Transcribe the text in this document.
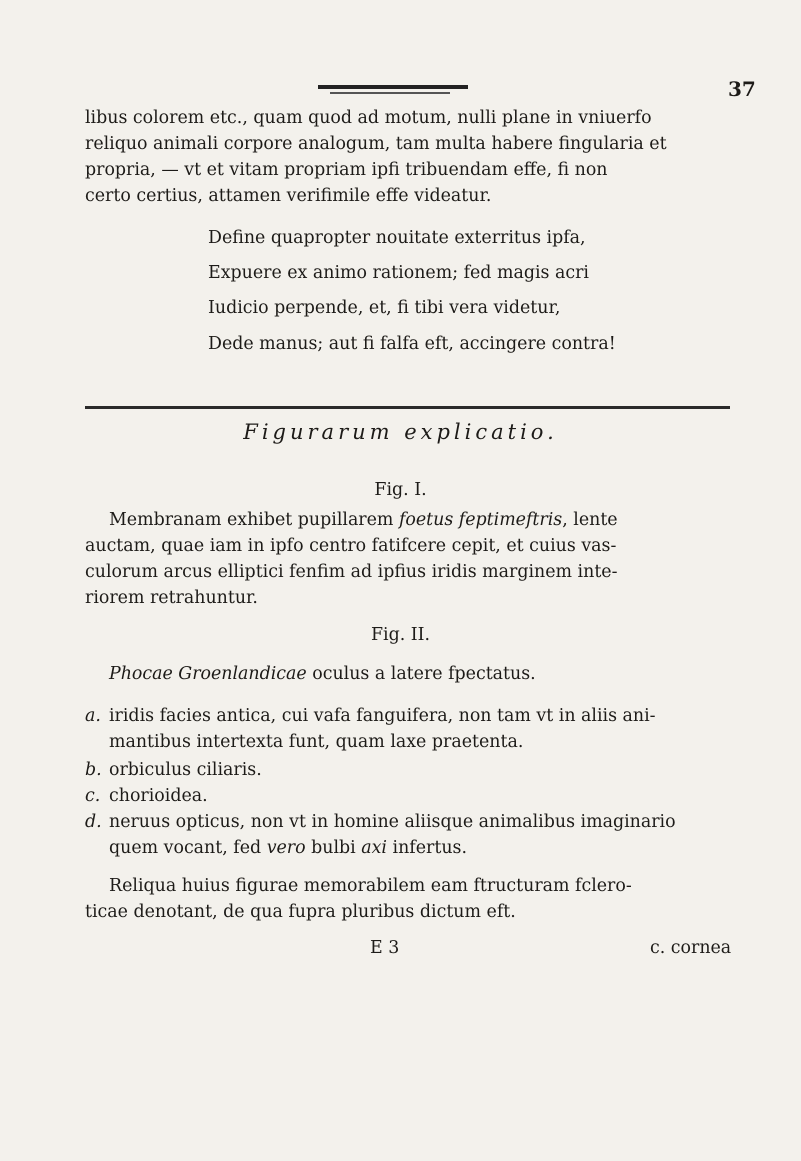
37
libus colorem etc., quam quod ad motum, nulli plane in vniuerfo
reliquo animali corpore analogum, tam multa habere fingularia et
propria, — vt et vitam propriam ipfi tribuendam effe, fi non
certo certius, attamen verifimile effe videatur.
Define quapropter nouitate exterritus ipfa,
Expuere ex animo rationem; fed magis acri
Iudicio perpende, et, fi tibi vera videtur,
Dede manus; aut fi falfa eft, accingere contra!
Figurarum explicatio.
Fig. I.
Membranam exhibet pupillarem foetus feptimeftris, lente
auctam, quae iam in ipfo centro fatifcere cepit, et cuius vas-
culorum arcus elliptici fenfim ad ipfius iridis marginem inte-
riorem retrahuntur.
Fig. II.
Phocae Groenlandicae oculus a latere fpectatus.
a. iridis facies antica, cui vafa fanguifera, non tam vt in aliis ani-
mantibus intertexta funt, quam laxe praetenta.
b. orbiculus ciliaris.
c. chorioidea.
d. neruus opticus, non vt in homine aliisque animalibus imaginario
quem vocant, fed vero bulbi axi infertus.
Reliqua huius figurae memorabilem eam ftructuram fclero-
ticae denotant, de qua fupra pluribus dictum eft.
E 3	c. cornea
